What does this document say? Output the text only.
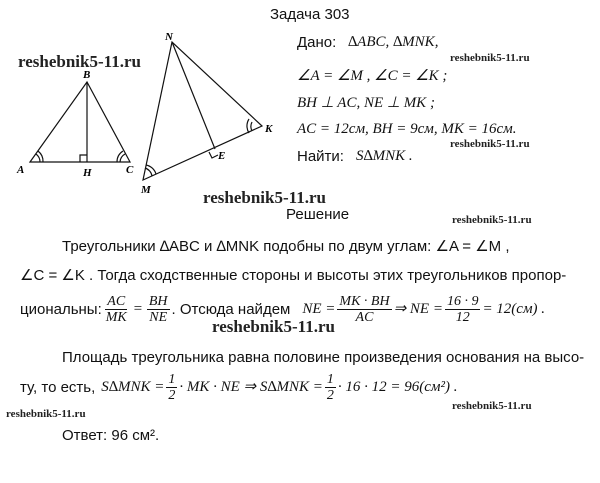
Задача 303
reshebnik5-11.ru
reshebnik5-11.ru
reshebnik5-11.ru
reshebnik5-11.ru
reshebnik5-11.ru
reshebnik5-11.ru
reshebnik5-11.ru
reshebnik5-11.ru
A
B
C
H
N
M
K
E
Дано: ∆ABC, ∆MNK,
∠A = ∠M , ∠C = ∠K ;
BH ⊥ AC, NE ⊥ MK ;
AC = 12см, BH = 9см, MK = 16см.
Найти: S∆MNK .
Решение
Треугольники ∆ABC и ∆MNK подобны по двум углам: ∠A = ∠M ,
∠C = ∠K . Тогда сходственные стороны и высоты этих треугольников пропор-
циональны: $\frac{AC}{MK} = \frac{BH}{NE}$ . Отсюда найдем NE = $\frac{MK \cdot BH}{AC}$ ⇒ NE = $\frac{16 \cdot 9}{12} = 12(см)$ .
Площадь треугольника равна половине произведения основания на высо-
ту, то есть, $S\Delta MNK = \frac{1}{2}$ · MK · NE ⇒ $S\Delta MNK = \frac{1}{2} \cdot 16 \cdot 12 = 96(см^2)$ .
Ответ: 96 см².
